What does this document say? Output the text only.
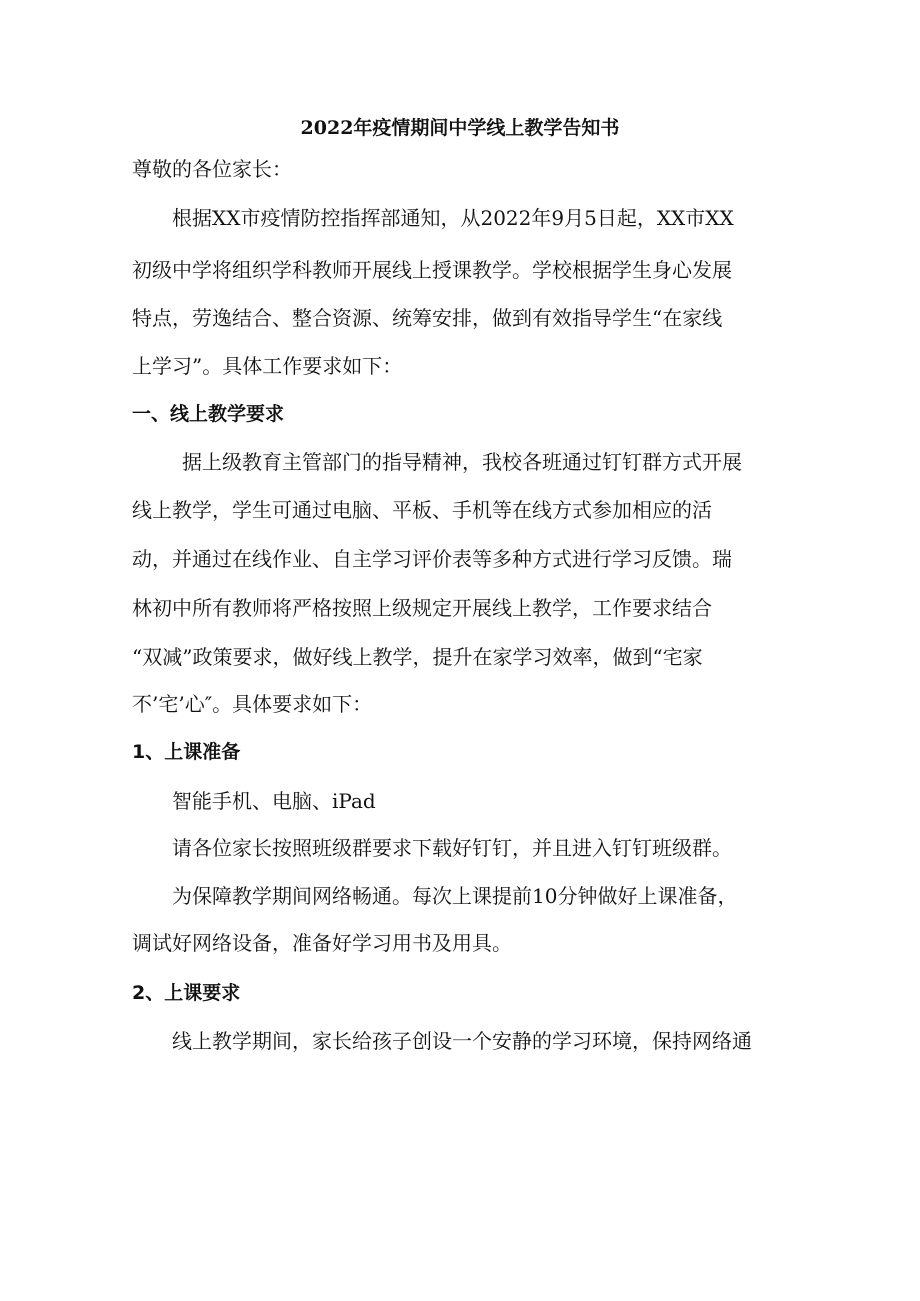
2022年疫情期间中学线上教学告知书
尊敬的各位家长：
根据XX市疫情防控指挥部通知，从2022年9月5日起，XX市XX
初级中学将组织学科教师开展线上授课教学。学校根据学生身心发展
特点，劳逸结合、整合资源、统筹安排，做到有效指导学生“在家线
上学习”。具体工作要求如下：
一、线上教学要求
据上级教育主管部门的指导精神，我校各班通过钉钉群方式开展
线上教学，学生可通过电脑、平板、手机等在线方式参加相应的活
动，并通过在线作业、自主学习评价表等多种方式进行学习反馈。瑞
林初中所有教师将严格按照上级规定开展线上教学，工作要求结合
“双减”政策要求，做好线上教学，提升在家学习效率，做到“宅家
不’宅’心″。具体要求如下：
1、上课准备
智能手机、电脑、iPad
请各位家长按照班级群要求下载好钉钉，并且进入钉钉班级群。
为保障教学期间网络畅通。每次上课提前10分钟做好上课准备，
调试好网络设备，准备好学习用书及用具。
2、上课要求
线上教学期间，家长给孩子创设一个安静的学习环境，保持网络通
